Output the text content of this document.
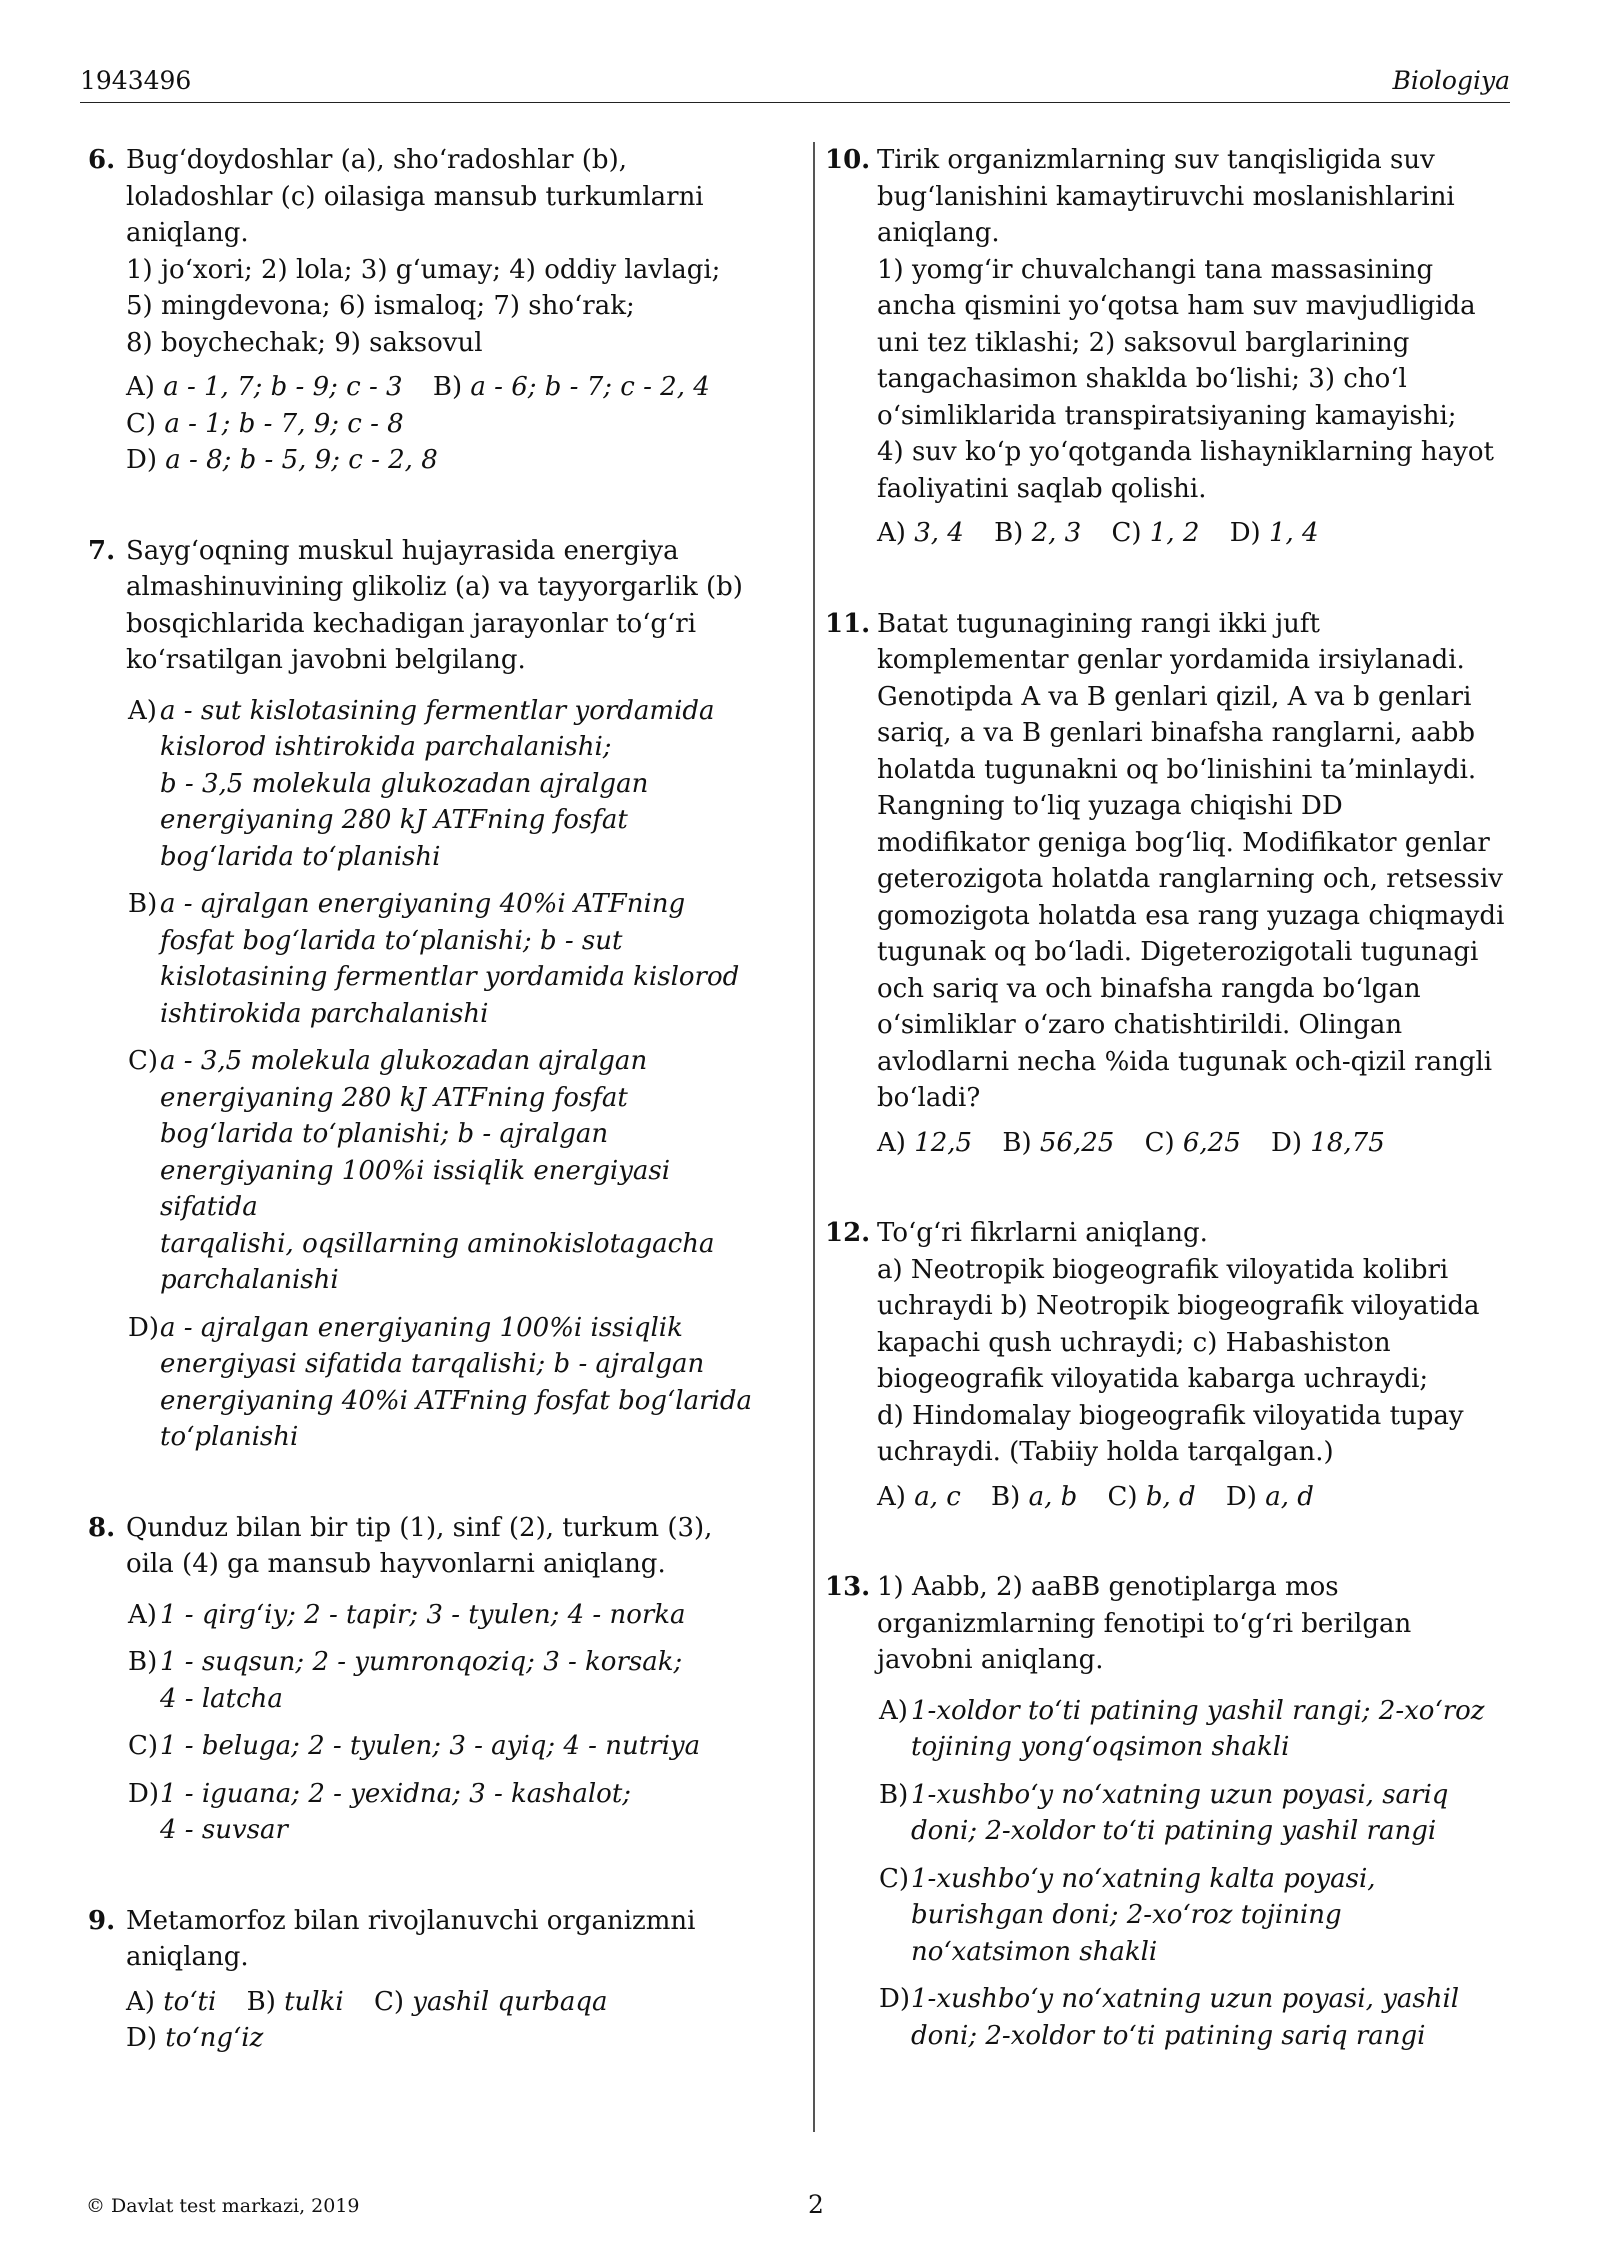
1943496	Biologiya
6. Bugʻdoydoshlar (a), shoʻradoshlar (b),
loladoshlar (c) oilasiga mansub turkumlarni
aniqlang.
1) joʻxori; 2) lola; 3) gʻumay; 4) oddiy lavlagi;
5) mingdevona; 6) ismaloq; 7) shoʻrak;
8) boychechak; 9) saksovul
A) a - 1, 7; b - 9; c - 3 B) a - 6; b - 7; c - 2, 4
C) a - 1; b - 7, 9; c - 8
D) a - 8; b - 5, 9; c - 2, 8
7. Saygʻoqning muskul hujayrasida energiya
almashinuvining glikoliz (a) va tayyorgarlik (b)
bosqichlarida kechadigan jarayonlar toʻgʻri
koʻrsatilgan javobni belgilang.
A) a - sut kislotasining fermentlar yordamida
kislorod ishtirokida parchalanishi;
b - 3,5 molekula glukozadan ajralgan
energiyaning 280 kJ ATFning fosfat
bogʻlarida toʻplanishi
B) a - ajralgan energiyaning 40%i ATFning
fosfat bogʻlarida toʻplanishi; b - sut
kislotasining fermentlar yordamida kislorod
ishtirokida parchalanishi
C) a - 3,5 molekula glukozadan ajralgan
energiyaning 280 kJ ATFning fosfat
bogʻlarida toʻplanishi; b - ajralgan
energiyaning 100%i issiqlik energiyasi sifatida
tarqalishi, oqsillarning aminokislotagacha
parchalanishi
D) a - ajralgan energiyaning 100%i issiqlik
energiyasi sifatida tarqalishi; b - ajralgan
energiyaning 40%i ATFning fosfat bogʻlarida
toʻplanishi
8. Qunduz bilan bir tip (1), sinf (2), turkum (3),
oila (4) ga mansub hayvonlarni aniqlang.
A) 1 - qirgʻiy; 2 - tapir; 3 - tyulen; 4 - norka
B) 1 - suqsun; 2 - yumronqoziq; 3 - korsak;
4 - latcha
C) 1 - beluga; 2 - tyulen; 3 - ayiq; 4 - nutriya
D) 1 - iguana; 2 - yexidna; 3 - kashalot;
4 - suvsar
9. Metamorfoz bilan rivojlanuvchi organizmni
aniqlang.
A) toʻti B) tulki C) yashil qurbaqa
D) toʻngʻiz
10. Tirik organizmlarning suv tanqisligida suv
bugʻlanishini kamaytiruvchi moslanishlarini
aniqlang.
1) yomgʻir chuvalchangi tana massasining
ancha qismini yoʻqotsa ham suv mavjudligida
uni tez tiklashi; 2) saksovul barglarining
tangachasimon shaklda boʻlishi; 3) choʻl
oʻsimliklarida transpiratsiyaning kamayishi;
4) suv koʻp yoʻqotganda lishayniklarning hayot
faoliyatini saqlab qolishi.
A) 3, 4 B) 2, 3 C) 1, 2 D) 1, 4
11. Batat tugunagining rangi ikki juft
komplementar genlar yordamida irsiylanadi.
Genotipda A va B genlari qizil, A va b genlari
sariq, a va B genlari binafsha ranglarni, aabb
holatda tugunakni oq boʻlinishini taʼminlaydi.
Rangning toʻliq yuzaga chiqishi DD
modifikator geniga bogʻliq. Modifikator genlar
geterozigota holatda ranglarning och, retsessiv
gomozigota holatda esa rang yuzaga chiqmaydi
tugunak oq boʻladi. Digeterozigotali tugunagi
och sariq va och binafsha rangda boʻlgan
oʻsimliklar oʻzaro chatishtirildi. Olingan
avlodlarni necha %ida tugunak och-qizil rangli
boʻladi?
A) 12,5 B) 56,25 C) 6,25 D) 18,75
12. Toʻgʻri fikrlarni aniqlang.
a) Neotropik biogeografik viloyatida kolibri
uchraydi b) Neotropik biogeografik viloyatida
kapachi qush uchraydi; c) Habashiston
biogeografik viloyatida kabarga uchraydi;
d) Hindomalay biogeografik viloyatida tupay
uchraydi. (Tabiiy holda tarqalgan.)
A) a, c B) a, b C) b, d D) a, d
13. 1) Aabb, 2) aaBB genotiplarga mos
organizmlarning fenotipi toʻgʻri berilgan
javobni aniqlang.
A) 1-xoldor toʻti patining yashil rangi; 2-xoʻroz
tojining yongʻoqsimon shakli
B) 1-xushboʻy noʻxatning uzun poyasi, sariq
doni; 2-xoldor toʻti patining yashil rangi
C) 1-xushboʻy noʻxatning kalta poyasi,
burishgan doni; 2-xoʻroz tojining
noʻxatsimon shakli
D) 1-xushboʻy noʻxatning uzun poyasi, yashil
doni; 2-xoldor toʻti patining sariq rangi
© Davlat test markazi, 2019	2
